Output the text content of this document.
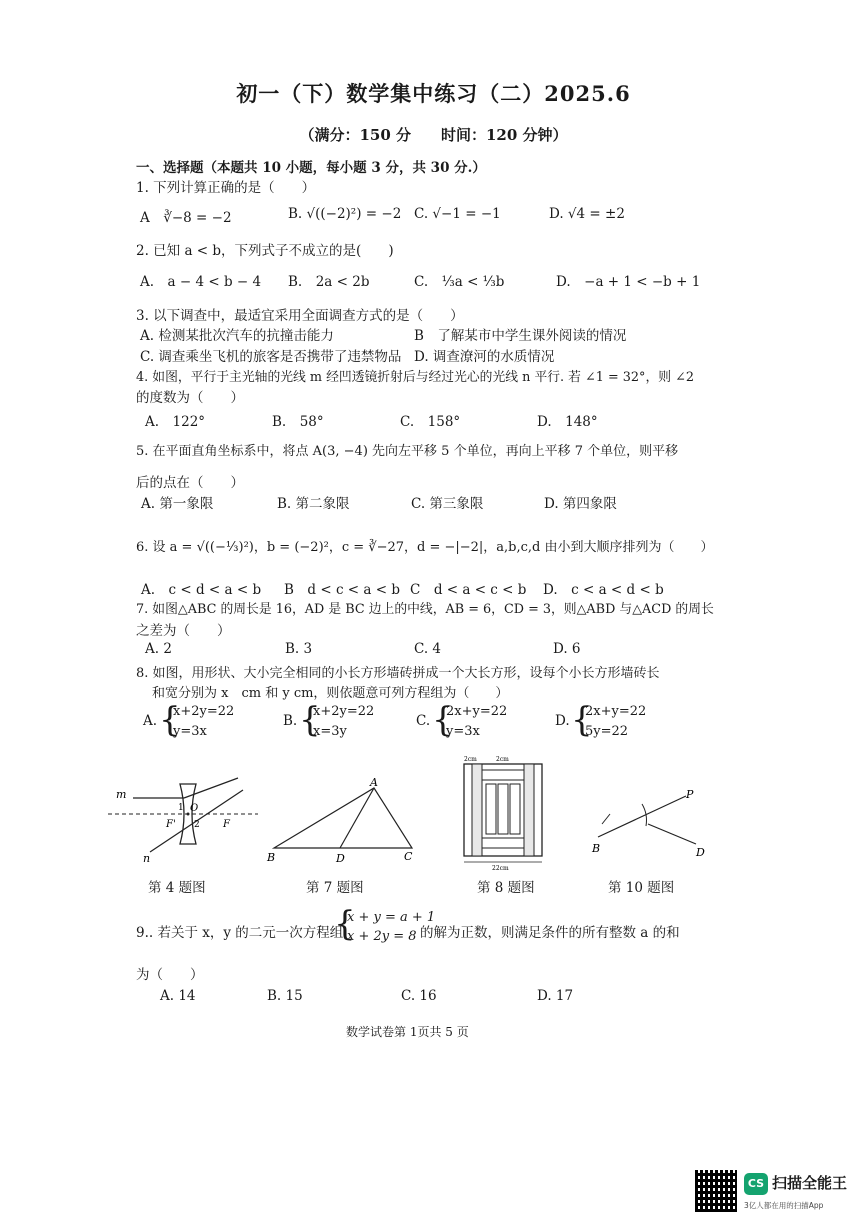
初一（下）数学集中练习（二）2025.6
（满分：150 分　　时间：120 分钟）
一、选择题（本题共 10 小题，每小题 3 分，共 30 分.）
1. 下列计算正确的是（　　）
A　∛−8 = −2	B. √((−2)²) = −2 C. √−1 = −1	D. √4 = ±2
2. 已知 a < b，下列式子不成立的是(　　)
A.　a − 4 < b − 4 B.　2a < 2b	C.　⅓a < ⅓b	D.　−a + 1 < −b + 1
3. 以下调查中，最适宜采用全面调查方式的是（　　）
A. 检测某批次汽车的抗撞击能力	B　了解某市中学生课外阅读的情况
C. 调查乘坐飞机的旅客是否携带了违禁物品 D. 调查潦河的水质情况
4. 如图，平行于主光轴的光线 m 经凹透镜折射后与经过光心的光线 n 平行. 若 ∠1 = 32°，则 ∠2
的度数为（　　）
A.　122°	B.　58°	C.　158°	D.　148°
5. 在平面直角坐标系中，将点 A(3, −4) 先向左平移 5 个单位，再向上平移 7 个单位，则平移
后的点在（　　）
A. 第一象限	B. 第二象限	C. 第三象限	D. 第四象限
6. 设 a = √((−⅓)²)，b = (−2)²，c = ∛−27，d = −|−2|，a,b,c,d 由小到大顺序排列为（　　）
A.　c < d < a < b B　d < c < a < b C　d < a < c < b D.　c < a < d < b
7. 如图△ABC 的周长是 16，AD 是 BC 边上的中线，AB = 6，CD = 3，则△ABD 与△ACD 的周长
之差为（　　）
A. 2	B. 3	C. 4	D. 6
8. 如图，用形状、大小完全相同的小长方形墙砖拼成一个大长方形，设每个小长方形墙砖长
和宽分别为 x　cm 和 y cm，则依题意可列方程组为（　　）
A. {
x+2y=22
y=3x
B. {
x+2y=22
x=3y
C. {
2x+y=22
y=3x
D. {
2x+y=22
5y=22
m
F'
O
1
2 F
n
A
B	D	C
2cm	2cm
22cm
P
B	D
第 4 题图	第 7 题图	第 8 题图	第 10 题图
9.. 若关于 x，y 的二元一次方程组
{
x + y = a + 1
x + 2y = 8 的解为正数，则满足条件的所有整数 a 的和
为（　　）
A. 14	B. 15	C. 16	D. 17
数学试卷第 1页共 5 页
CS 扫描全能王
3亿人都在用的扫描App
